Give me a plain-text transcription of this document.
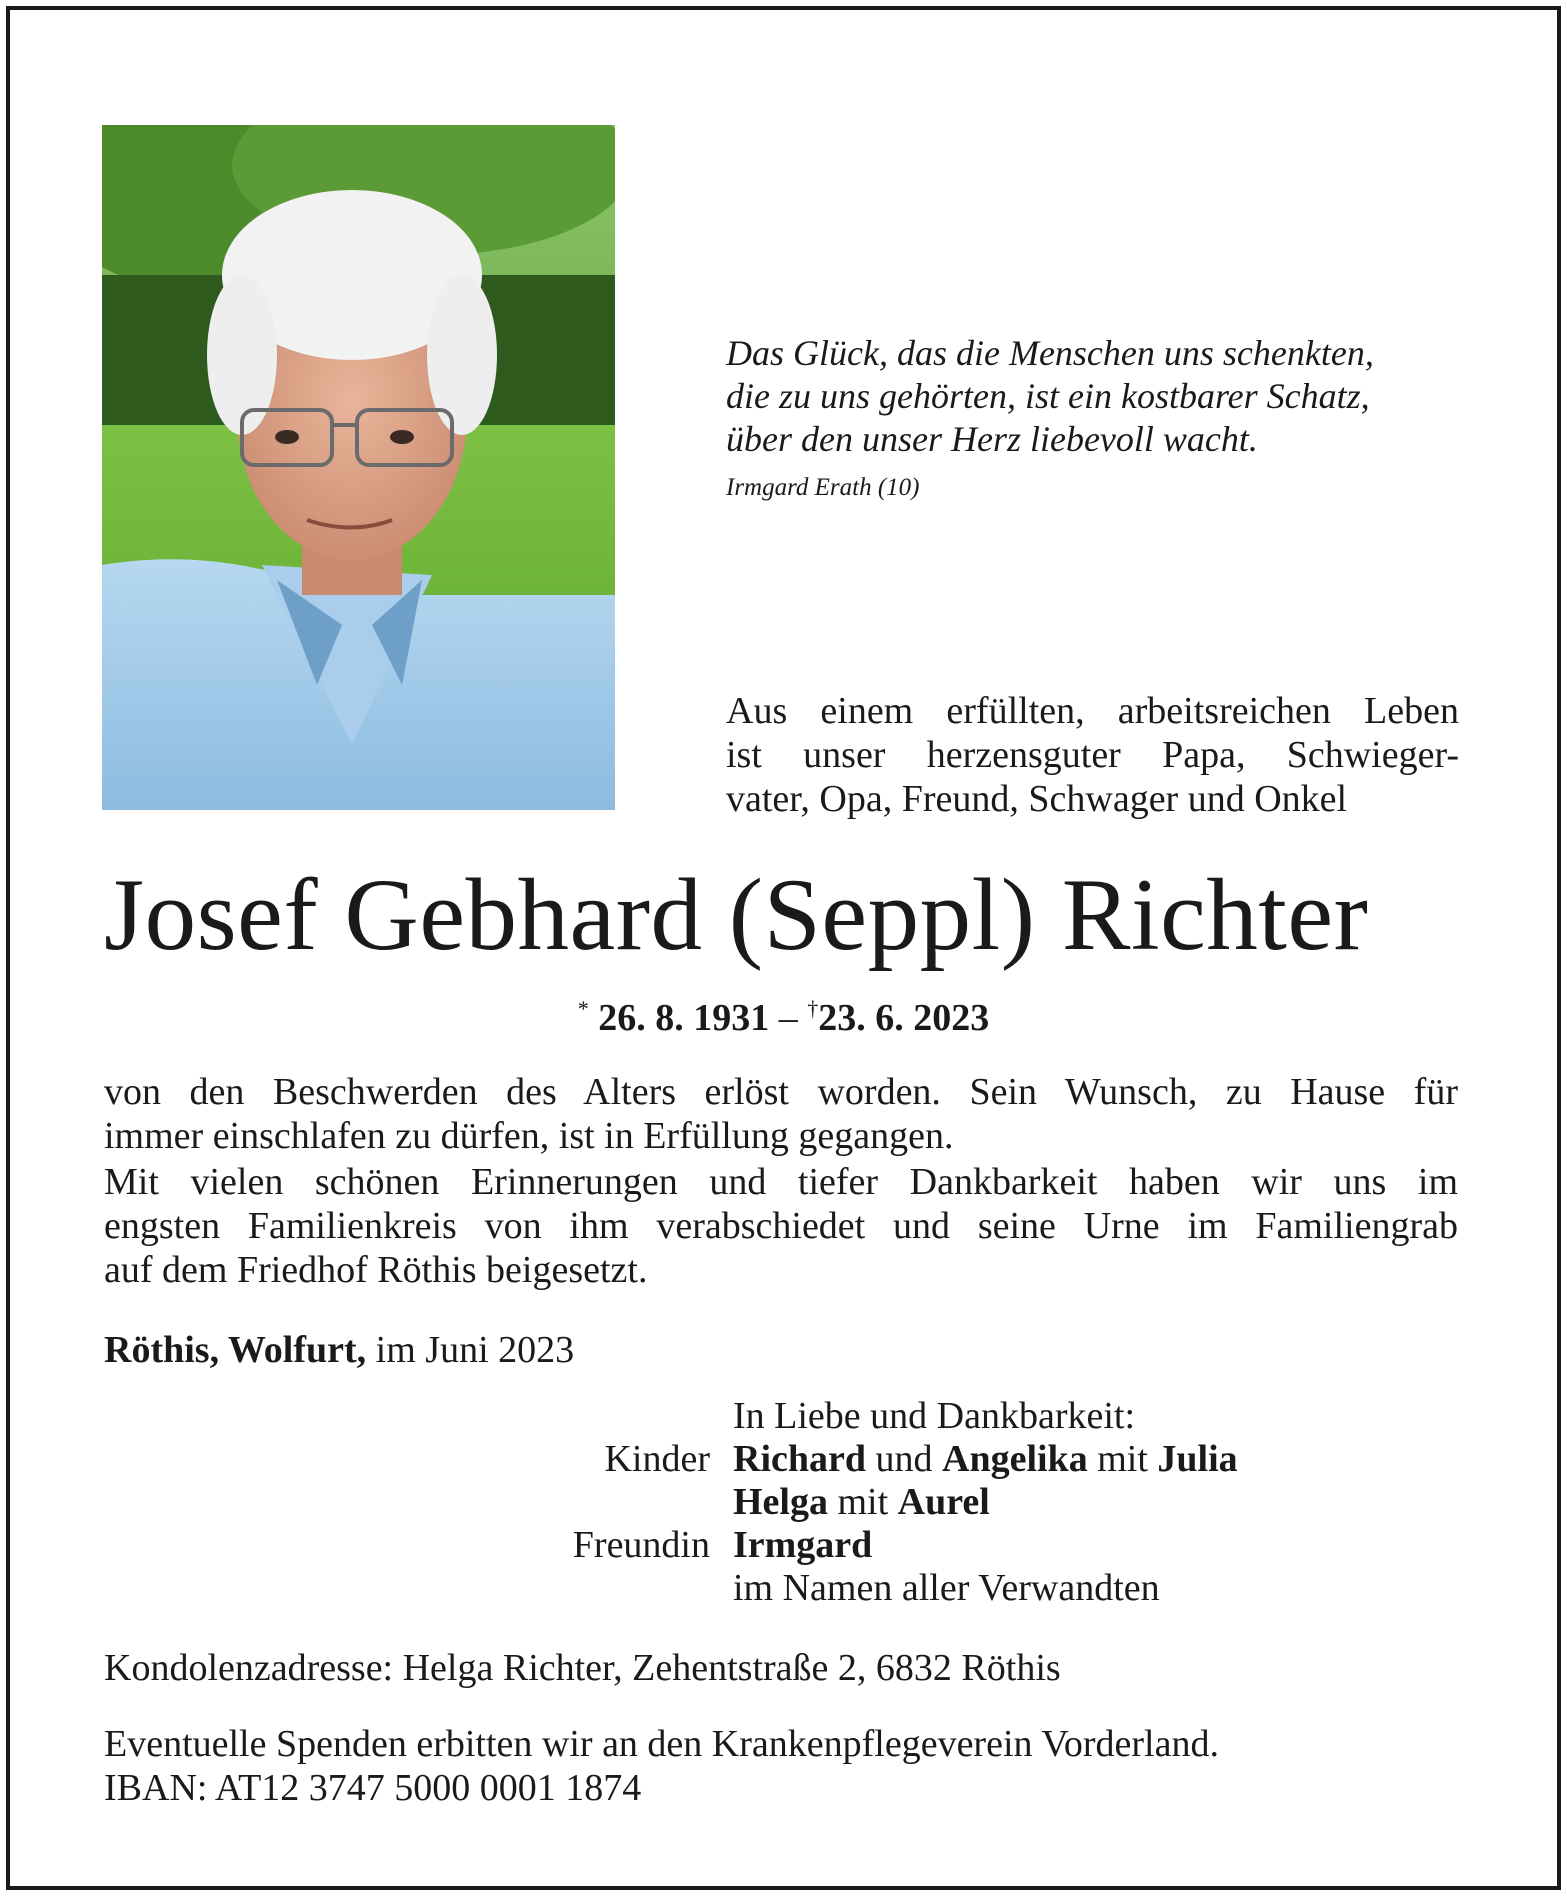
Das Glück, das die Menschen uns schenkten,
die zu uns gehörten, ist ein kostbarer Schatz,
über den unser Herz liebevoll wacht.
Irmgard Erath (10)
Aus einem erfüllten, arbeitsreichen Leben
ist unser herzensguter Papa, Schwieger-
vater, Opa, Freund, Schwager und Onkel
Josef Gebhard (Seppl) Richter
* 26. 8. 1931 – †23. 6. 2023
von den Beschwerden des Alters erlöst worden. Sein Wunsch, zu Hause für
immer einschlafen zu dürfen, ist in Erfüllung gegangen.
Mit vielen schönen Erinnerungen und tiefer Dankbarkeit haben wir uns im
engsten Familienkreis von ihm verabschiedet und seine Urne im Familiengrab
auf dem Friedhof Röthis beigesetzt.
Röthis, Wolfurt, im Juni 2023
In Liebe und Dankbarkeit:
Kinder Richard und Angelika mit Julia
Helga mit Aurel
Freundin Irmgard
im Namen aller Verwandten
Kondolenzadresse: Helga Richter, Zehentstraße 2, 6832 Röthis
Eventuelle Spenden erbitten wir an den Krankenpflegeverein Vorderland.
IBAN: AT12 3747 5000 0001 1874
